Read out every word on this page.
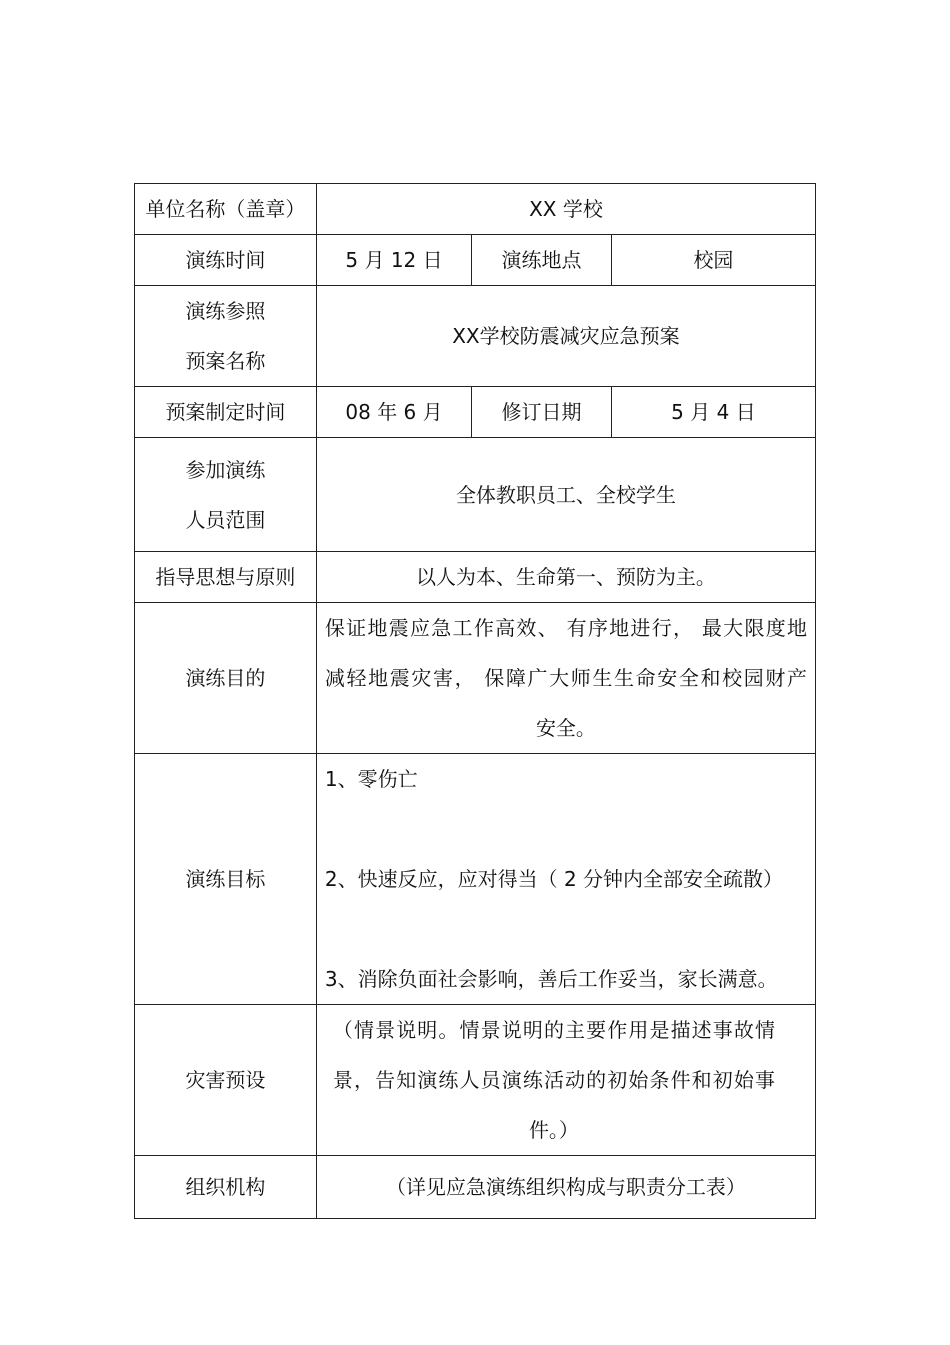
单位名称（盖章）	XX 学校		
演练时间	5 月 12 日	演练地点	校园

演练参照
预案名称	XX学校防震减灾应急预案		
预案制定时间	08 年 6 月	修订日期	5 月 4 日

参加演练
人员范围	全体教职员工、全校学生		
指导思想与原则	以人为本、生命第一、预防为主。		
演练目的	保证地震应急工作高效、 有序地进行， 最大限度地
减轻地震灾害， 保障广大师生生命安全和校园财产
安全。		

演练目标	1、零伤亡
2、快速反应，应对得当（ 2 分钟内全部安全疏散）
3、消除负面社会影响，善后工作妥当，家长满意。		

灾害预设	（情景说明。情景说明的主要作用是描述事故情
景，告知演练人员演练活动的初始条件和初始事
件。）		

组织机构	（详见应急演练组织构成与职责分工表）		
